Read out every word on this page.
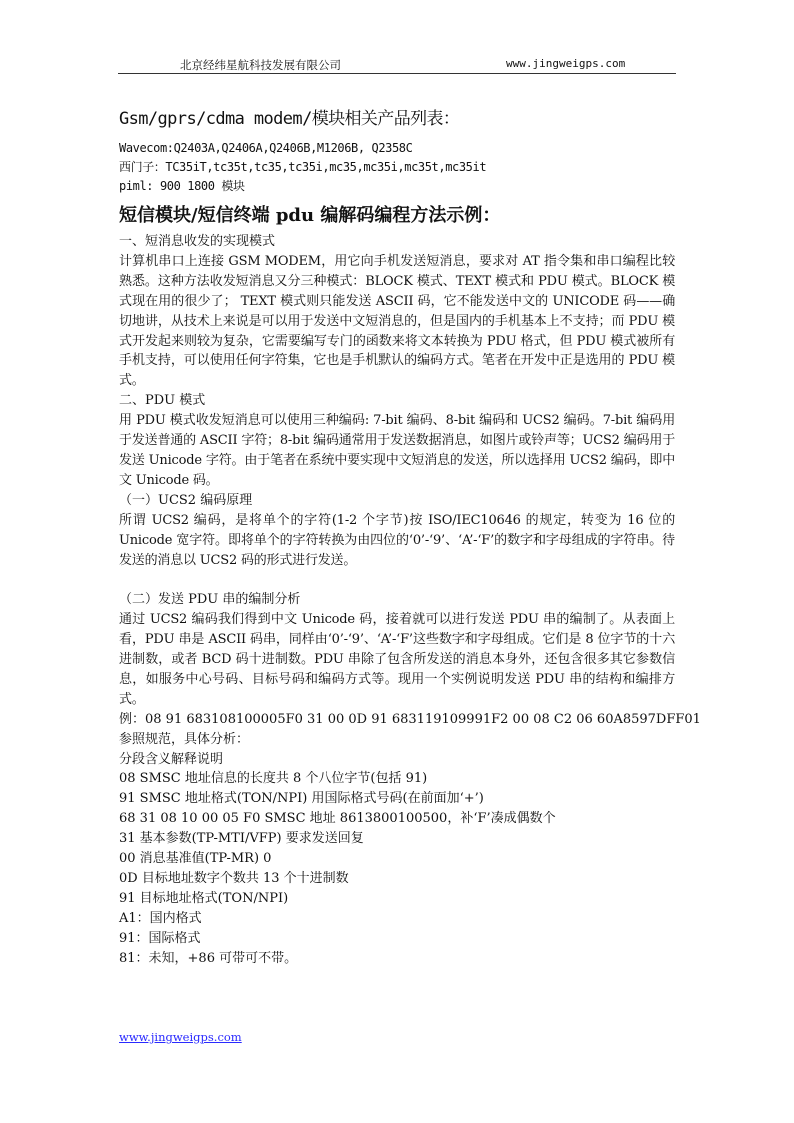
北京经纬星航科技发展有限公司	www.jingweigps.com
Gsm/gprs/cdma modem/模块相关产品列表：
Wavecom:Q2403A,Q2406A,Q2406B,M1206B, Q2358C
西门子：TC35iT,tc35t,tc35,tc35i,mc35,mc35i,mc35t,mc35it
piml: 900 1800 模块
短信模块/短信终端 pdu 编解码编程方法示例：
一、短消息收发的实现模式
计算机串口上连接 GSM MODEM，用它向手机发送短消息，要求对 AT 指令集和串口编程比较熟悉。这种方法收发短消息又分三种模式：BLOCK 模式、TEXT 模式和 PDU 模式。BLOCK 模式现在用的很少了； TEXT 模式则只能发送 ASCII 码，它不能发送中文的 UNICODE 码——确切地讲，从技术上来说是可以用于发送中文短消息的，但是国内的手机基本上不支持；而 PDU 模式开发起来则较为复杂，它需要编写专门的函数来将文本转换为 PDU 格式，但 PDU 模式被所有手机支持，可以使用任何字符集，它也是手机默认的编码方式。笔者在开发中正是选用的 PDU 模式。
二、PDU 模式
用 PDU 模式收发短消息可以使用三种编码: 7-bit 编码、8-bit 编码和 UCS2 编码。7-bit 编码用于发送普通的 ASCII 字符；8-bit 编码通常用于发送数据消息，如图片或铃声等；UCS2 编码用于发送 Unicode 字符。由于笔者在系统中要实现中文短消息的发送，所以选择用 UCS2 编码，即中文 Unicode 码。
（一）UCS2 编码原理
所谓 UCS2 编码，是将单个的字符(1-2 个字节)按 ISO/IEC10646 的规定，转变为 16 位的 Unicode 宽字符。即将单个的字符转换为由四位的‘0’-‘9’、‘A’-‘F’的数字和字母组成的字符串。待发送的消息以 UCS2 码的形式进行发送。
（二）发送 PDU 串的编制分析
通过 UCS2 编码我们得到中文 Unicode 码，接着就可以进行发送 PDU 串的编制了。从表面上看，PDU 串是 ASCII 码串，同样由‘0’-‘9’、‘A’-‘F’这些数字和字母组成。它们是 8 位字节的十六进制数，或者 BCD 码十进制数。PDU 串除了包含所发送的消息本身外，还包含很多其它参数信息，如服务中心号码、目标号码和编码方式等。现用一个实例说明发送 PDU 串的结构和编排方式。
例：08 91 683108100005F0 31 00 0D 91 683119109991F2 00 08 C2 06 60A8597DFF01
参照规范，具体分析：
分段含义解释说明
08 SMSC 地址信息的长度共 8 个八位字节(包括 91)
91 SMSC 地址格式(TON/NPI) 用国际格式号码(在前面加‘+’)
68 31 08 10 00 05 F0 SMSC 地址 8613800100500，补‘F’凑成偶数个
31 基本参数(TP-MTI/VFP) 要求发送回复
00 消息基准值(TP-MR) 0
0D 目标地址数字个数共 13 个十进制数
91 目标地址格式(TON/NPI)
A1：国内格式
91：国际格式
81：未知，+86 可带可不带。
www.jingweigps.com
